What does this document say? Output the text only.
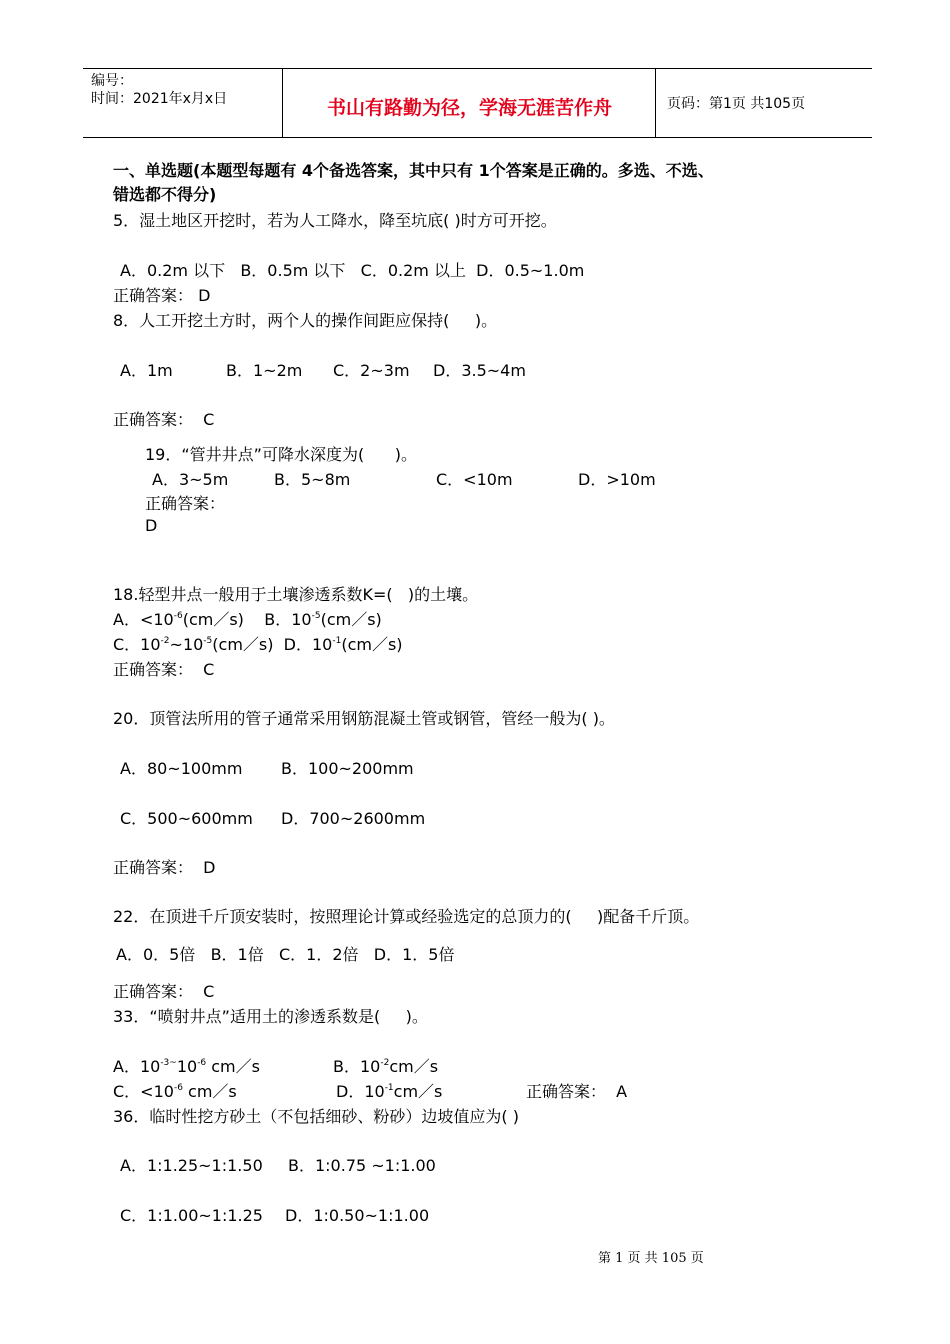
编号：
时间：2021年x月x日	书山有路勤为径，学海无涯苦作舟	页码：第1页 共105页
一、单选题(本题型每题有 4个备选答案，其中只有 1个答案是正确的。多选、不选、
错选都不得分)
5．湿土地区开挖时，若为人工降水，降至坑底( )时方可开挖。
A．0.2m 以下   B．0.5m 以下   C．0.2m 以上  D．0.5~1.0m
正确答案： D
8．人工开挖土方时，两个人的操作间距应保持(     )。
A．1m	B．1~2m C．2~3m D．3.5~4m
正确答案：  C
19．“管井井点”可降水深度为(      )。
A．3~5m	B．5~8m	C．<10m	D．>10m
正确答案：
D
18.轻型井点一般用于土壤渗透系数K=(   )的土壤。
A．$<10^{-6}(cm/s)$ B．$10^{-5}(cm/s)$
C．$10^{-2}\sim 10^{-5}(cm/s)$ D．$10^{-1}(cm/s)$
正确答案：  C
20．顶管法所用的管子通常采用钢筋混凝土管或钢管，管经一般为( )。
A．80~100mm B．100~200mm
C．500~600mm D．700~2600mm
正确答案：  D
22．在顶进千斤顶安装时，按照理论计算或经验选定的总顶力的(     )配备千斤顶。
A．0．5倍   B．1倍   C．1．2倍   D．1．5倍
正确答案：  C
33．“喷射井点”适用土的渗透系数是(     )。
A．$10^{-3\sim}10^{-6}$ cm／s	B．$10^{-2}cm/s$
C．$<10^{-6}$ cm／s	D．$10^{-1}cm/s$	正确答案：  A
36．临时性挖方砂土（不包括细砂、粉砂）边坡值应为( )
A．1:1.25~1:1.50 B．1:0.75 ~1:1.00
C．1:1.00~1:1.25 D．1:0.50~1:1.00
第 1 页 共 105 页
